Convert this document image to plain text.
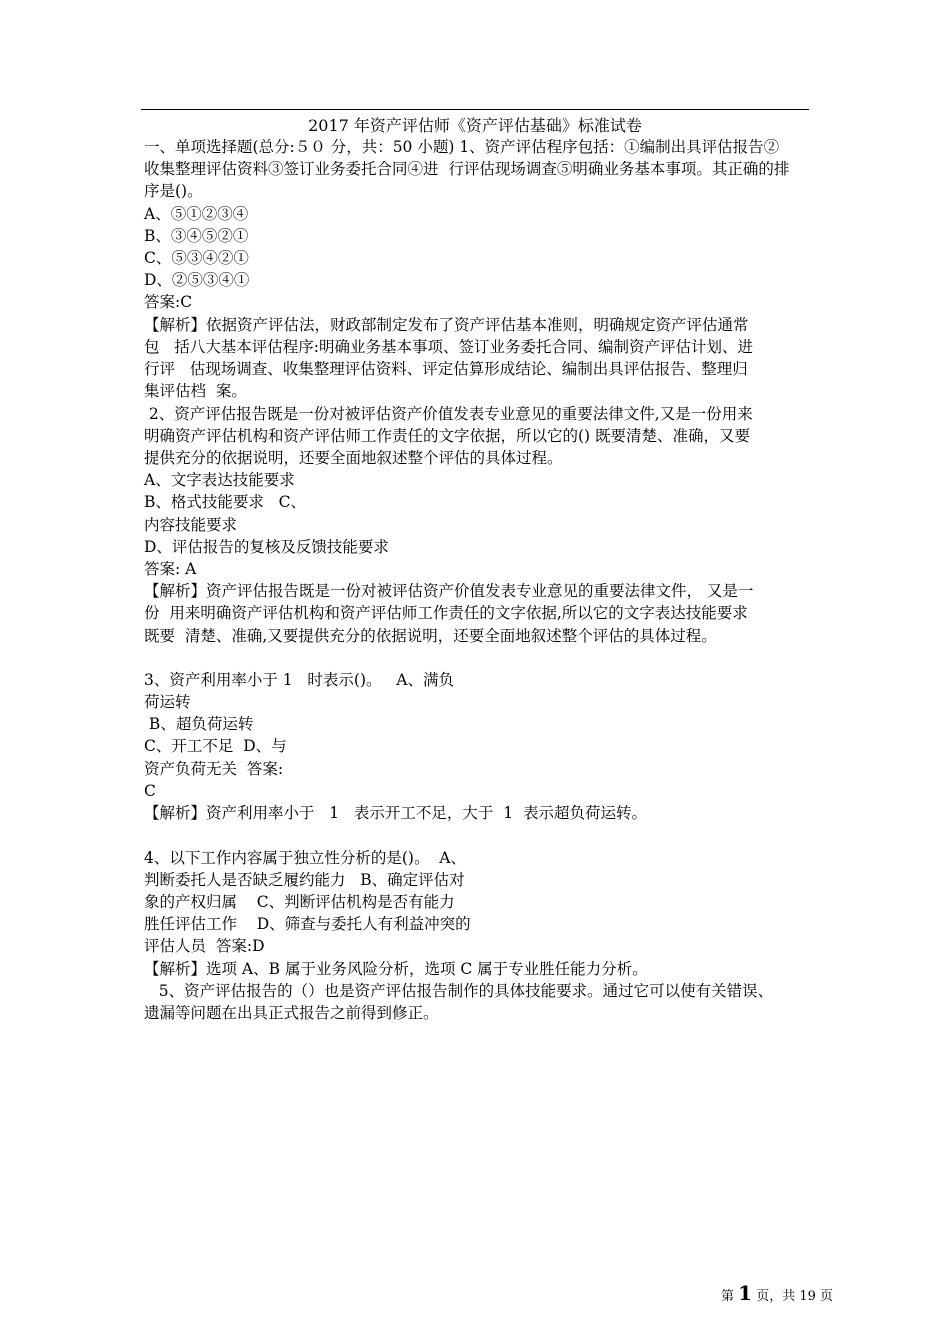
2017 年资产评估师《资产评估基础》标准试卷
一、单项选择题(总分:５０ 分，共：50 小题) 1、资产评估程序包括：①编制出具评估报告②
收集整理评估资料③签订业务委托合同④进  行评估现场调查⑤明确业务基本事项。其正确的排
序是()。
A、⑤①②③④
B、③④⑤②①
C、⑤③④②①
D、②⑤③④①
答案:C
【解析】依据资产评估法，财政部制定发布了资产评估基本准则，明确规定资产评估通常
包   括八大基本评估程序:明确业务基本事项、签订业务委托合同、编制资产评估计划、进
行评   估现场调查、收集整理评估资料、评定估算形成结论、编制出具评估报告、整理归
集评估档  案。
2、资产评估报告既是一份对被评估资产价值发表专业意见的重要法律文件,又是一份用来
明确资产评估机构和资产评估师工作责任的文字依据，所以它的() 既要清楚、准确，又要
提供充分的依据说明，还要全面地叙述整个评估的具体过程。
A、文字表达技能要求
B、格式技能要求   C、
内容技能要求
D、评估报告的复核及反馈技能要求
答案: A
【解析】资产评估报告既是一份对被评估资产价值发表专业意见的重要法律文件， 又是一
份  用来明确资产评估机构和资产评估师工作责任的文字依据,所以它的文字表达技能要求
既要  清楚、准确,又要提供充分的依据说明，还要全面地叙述整个评估的具体过程。
3、资产利用率小于 1   时表示()。   A、满负
荷运转
B、超负荷运转
C、开工不足  D、与
资产负荷无关  答案:
C
【解析】资产利用率小于   1   表示开工不足，大于  1  表示超负荷运转。
4、以下工作内容属于独立性分析的是()。  A、
判断委托人是否缺乏履约能力   B、确定评估对
象的产权归属    C、判断评估机构是否有能力
胜任评估工作    D、筛查与委托人有利益冲突的
评估人员  答案:D
【解析】选项 A、B 属于业务风险分析，选项 C 属于专业胜任能力分析。
5、资产评估报告的（）也是资产评估报告制作的具体技能要求。通过它可以使有关错误、
遗漏等问题在出具正式报告之前得到修正。
第 1 页，共 19 页
